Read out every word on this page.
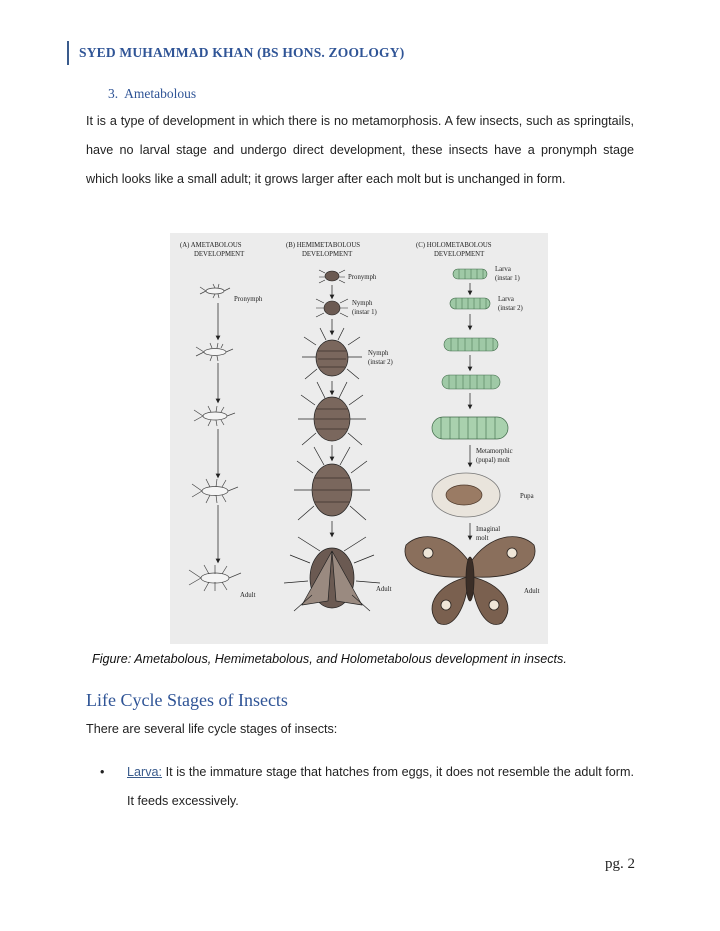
SYED MUHAMMAD KHAN (BS HONS. ZOOLOGY)
3. Ametabolous
It is a type of development in which there is no metamorphosis. A few insects, such as springtails, have no larval stage and undergo direct development, these insects have a pronymph stage which looks like a small adult; it grows larger after each molt but is unchanged in form.
(A) AMETABOLOUS
DEVELOPMENT
(B) HEMIMETABOLOUS
DEVELOPMENT
(C) HOLOMETABOLOUS
DEVELOPMENT
Pronymph
Adult
Pronymph
Nymph
(instar 1)
Nymph
(instar 2)
Adult
Larva
(instar 1)
Larva
(instar 2)
Metamorphic
(pupal) molt
Pupa
Imaginal
molt
Adult
Figure: Ametabolous, Hemimetabolous, and Holometabolous development in insects.
Life Cycle Stages of Insects
There are several life cycle stages of insects:
• Larva: It is the immature stage that hatches from eggs, it does not resemble the adult form. It feeds excessively.
pg. 2
